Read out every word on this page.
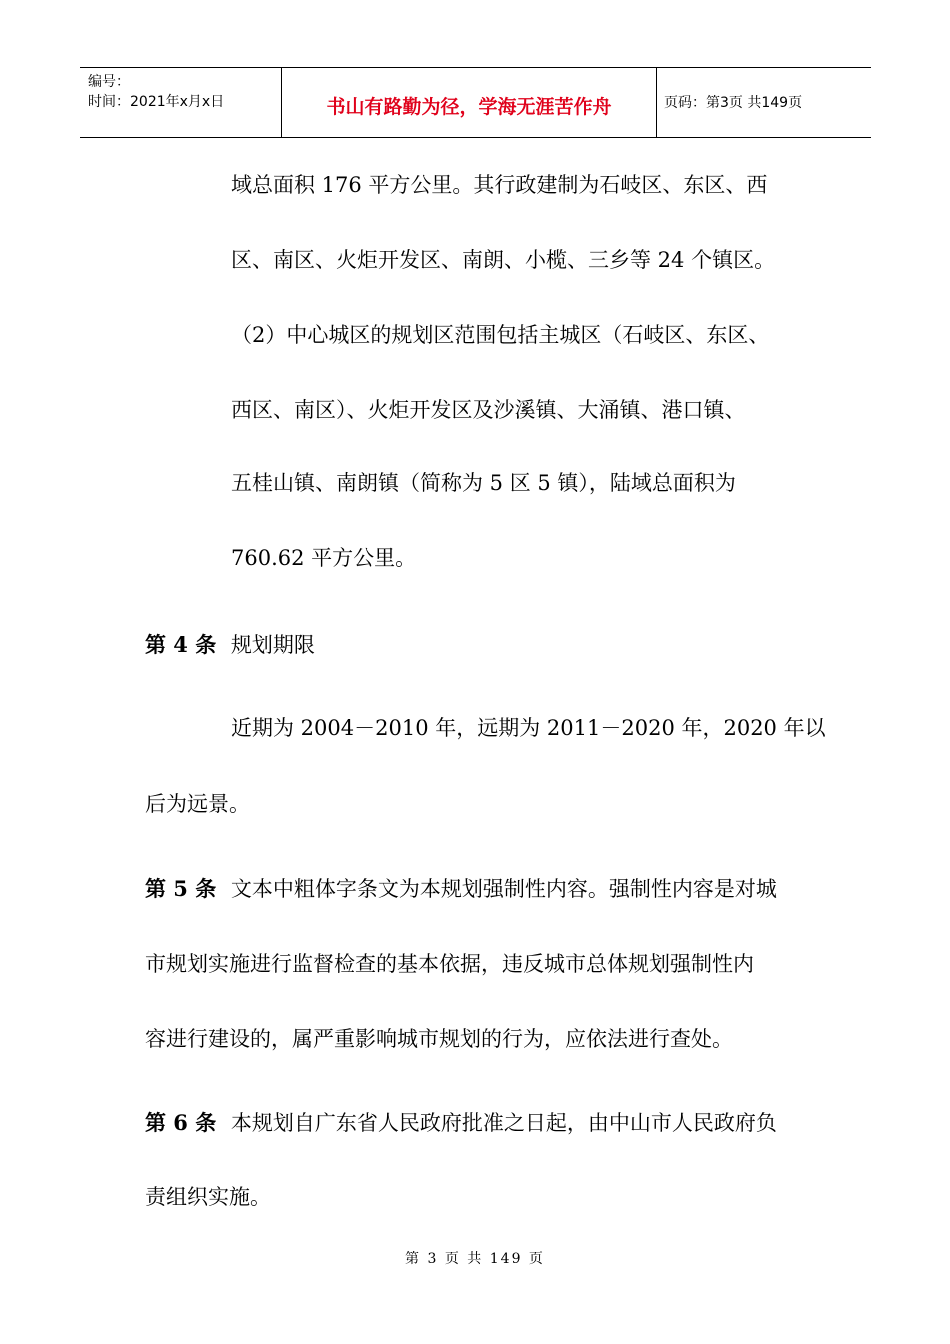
编号：
时间：2021年x月x日	书山有路勤为径，学海无涯苦作舟	页码：第3页 共149页
域总面积 176 平方公里。其行政建制为石岐区、东区、西
区、南区、火炬开发区、南朗、小榄、三乡等 24 个镇区。
（2）中心城区的规划区范围包括主城区（石岐区、东区、
西区、南区）、火炬开发区及沙溪镇、大涌镇、港口镇、
五桂山镇、南朗镇（简称为 5 区 5 镇），陆域总面积为
760.62 平方公里。
第 4 条 规划期限
近期为 2004－2010 年，远期为 2011－2020 年，2020 年以
后为远景。
第 5 条 文本中粗体字条文为本规划强制性内容。强制性内容是对城
市规划实施进行监督检查的基本依据，违反城市总体规划强制性内
容进行建设的，属严重影响城市规划的行为，应依法进行查处。
第 6 条 本规划自广东省人民政府批准之日起，由中山市人民政府负
责组织实施。
第 3 页 共 149 页
